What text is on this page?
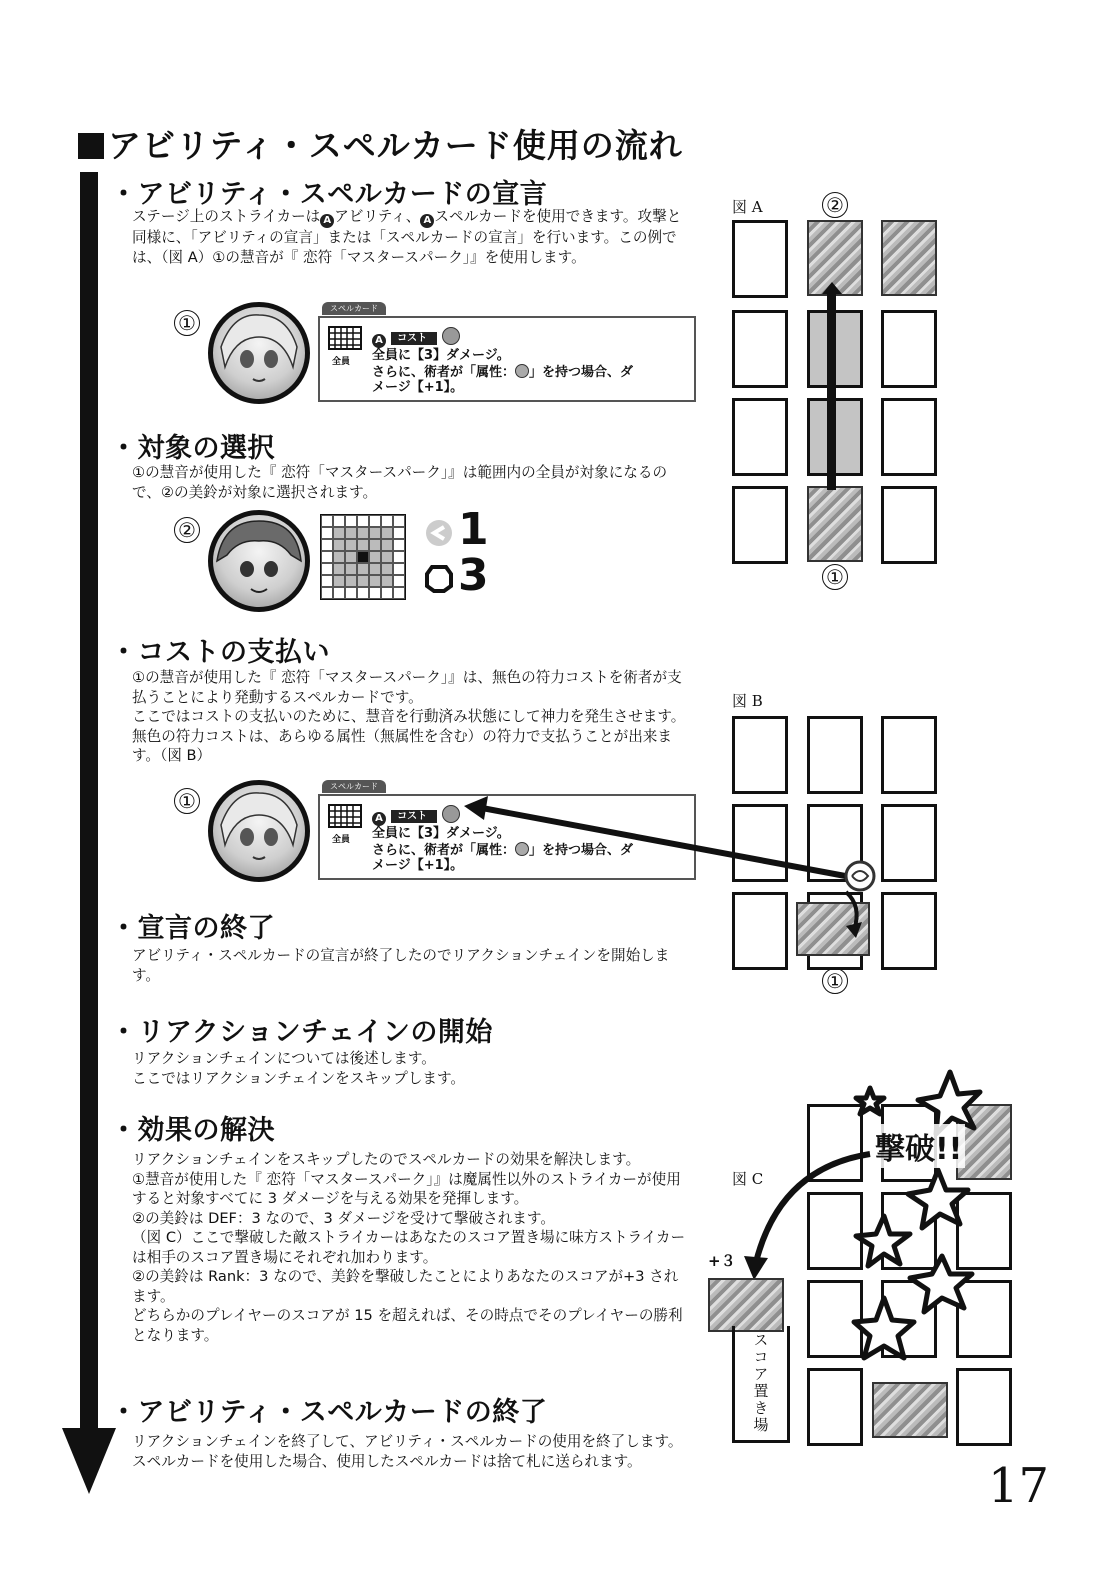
アビリティ・スペルカード使用の流れ
・アビリティ・スペルカードの宣言
ステージ上のストライカーは A アビリティ、 A スペルカードを使用できます。攻撃と同様に、「アビリティの宣言」または「スペルカードの宣言」を行います。この例では、（図 A）①の慧音が『 恋符「マスタースパーク」』を使用します。
①
スペルカード
全員
A コスト
全員に【3】ダメージ。
さらに、術者が「属性： 」を持つ場合、ダ
メージ【+1】。
・対象の選択
①の慧音が使用した『 恋符「マスタースパーク」』は範囲内の全員が対象になるので、②の美鈴が対象に選択されます。
②	1
3
・コストの支払い
①の慧音が使用した『 恋符「マスタースパーク」』は、無色の符力コストを術者が支払うことにより発動するスペルカードです。
ここではコストの支払いのために、慧音を行動済み状態にして神力を発生させます。無色の符力コストは、あらゆる属性（無属性を含む）の符力で支払うことが出来ます。（図 B）
①
スペルカード
全員
A コスト
全員に【3】ダメージ。
さらに、術者が「属性： 」を持つ場合、ダ
メージ【+1】。
・宣言の終了
アビリティ・スペルカードの宣言が終了したのでリアクションチェインを開始します。
・リアクションチェインの開始
リアクションチェインについては後述します。
ここではリアクションチェインをスキップします。
・効果の解決
リアクションチェインをスキップしたのでスペルカードの効果を解決します。
①慧音が使用した『 恋符「マスタースパーク」』は魔属性以外のストライカーが使用すると対象すべてに 3 ダメージを与える効果を発揮します。
②の美鈴は DEF：3 なので、3 ダメージを受けて撃破されます。
（図 C）ここで撃破した敵ストライカーはあなたのスコア置き場に味方ストライカーは相手のスコア置き場にそれぞれ加わります。
②の美鈴は Rank：3 なので、美鈴を撃破したことによりあなたのスコアが+3 されます。
どちらかのプレイヤーのスコアが 15 を超えれば、その時点でそのプレイヤーの勝利となります。
・アビリティ・スペルカードの終了
リアクションチェインを終了して、アビリティ・スペルカードの使用を終了します。スペルカードを使用した場合、使用したスペルカードは捨て札に送られます。
図 A	②
①
図 B
①
図 C
撃破!!
+３
スコア置き場
17
